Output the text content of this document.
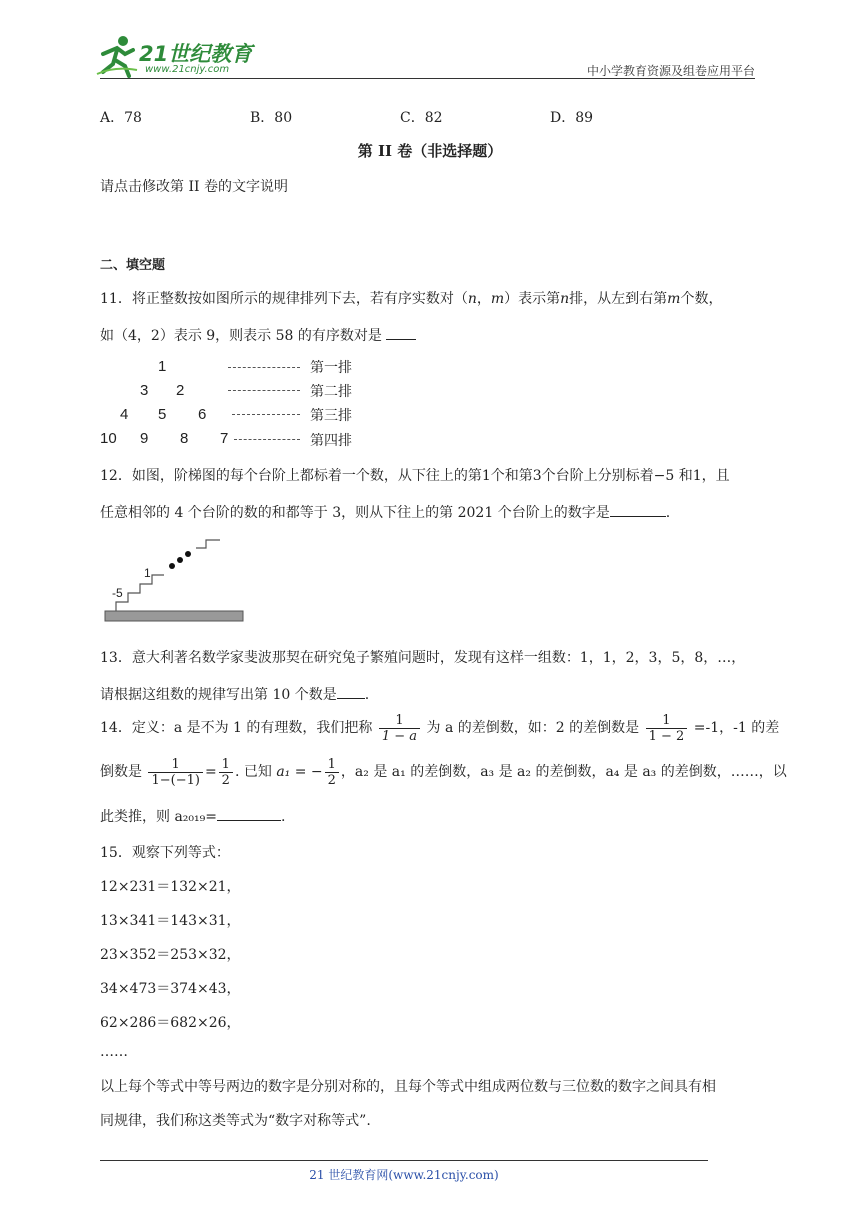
21世纪教育
www.21cnjy.com	中小学教育资源及组卷应用平台
A．78	B．80	C．82	D．89
第 II 卷（非选择题）
请点击修改第 II 卷的文字说明
二、填空题
11．将正整数按如图所示的规律排列下去，若有序实数对（n，m）表示第n排，从左到右第m个数，
如（4，2）表示 9，则表示 58 的有序数对是
1	第一排
3 2	第二排
4 5 6	第三排
10 9 8 7	第四排
12．如图，阶梯图的每个台阶上都标着一个数，从下往上的第1个和第3个台阶上分别标着−5 和1，且
任意相邻的 4 个台阶的数的和都等于 3，则从下往上的第 2021 个台阶上的数字是	.
-5
1
13．意大利著名数学家斐波那契在研究兔子繁殖问题时，发现有这样一组数：1，1，2，3，5，8，…，
请根据这组数的规律写出第 10 个数是 .
14．定义：a 是不为 1 的有理数，我们把称 $\frac{1}{1 - a}$ 为 a 的差倒数，如：2 的差倒数是 $\frac{1}{1 - 2} =-1$，-1 的差
倒数是 $\frac{1}{1-(-1)} = \frac{1}{2}$ . 已知 a₁ = − $\frac{1}{2}$ ，a₂ 是 a₁ 的差倒数，a₃ 是 a₂ 的差倒数，a₄ 是 a₃ 的差倒数，……，以
此类推，则 a₂₀₁₉=	.
15．观察下列等式：
12×231＝132×21，
13×341＝143×31，
23×352＝253×32，
34×473＝374×43，
62×286＝682×26，
……
以上每个等式中等号两边的数字是分别对称的，且每个等式中组成两位数与三位数的数字之间具有相
同规律，我们称这类等式为“数字对称等式”.
21 世纪教育网(www.21cnjy.com)
